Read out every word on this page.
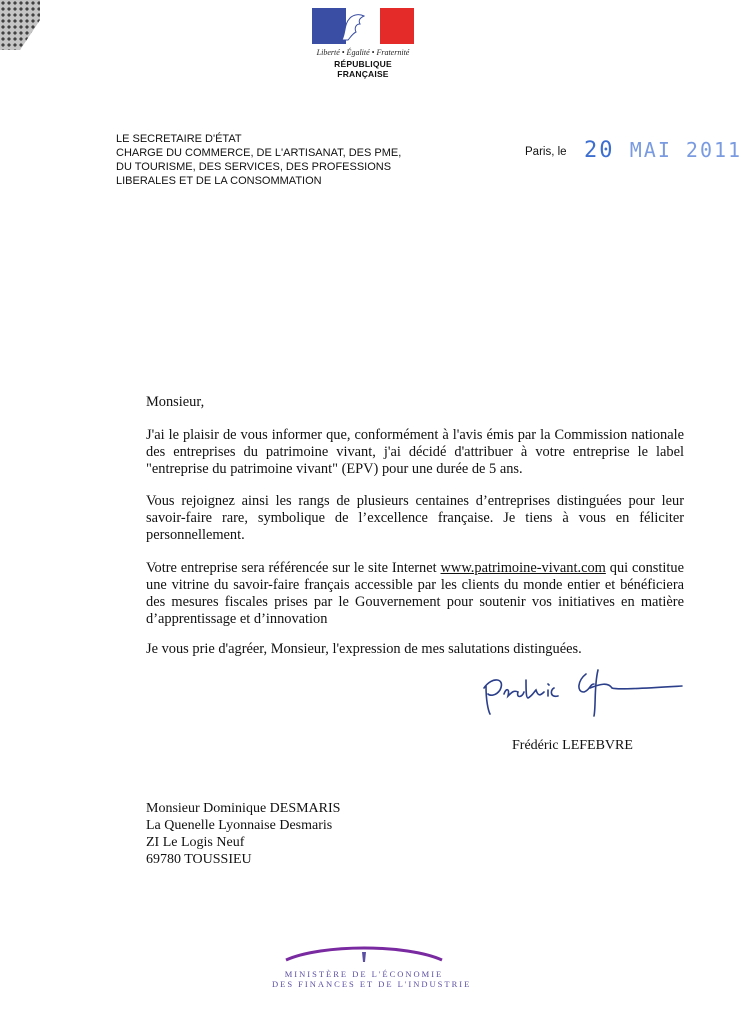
Liberté • Égalité • Fraternité
RÉPUBLIQUE FRANÇAISE
LE SECRETAIRE D'ÉTAT
CHARGE DU COMMERCE, DE L'ARTISANAT, DES PME,
DU TOURISME, DES SERVICES, DES PROFESSIONS
LIBERALES ET DE LA CONSOMMATION
Paris, le 20 MAI 2011

Monsieur,

J'ai le plaisir de vous informer que, conformément à l'avis émis par la Commission nationale des entreprises du patrimoine vivant, j'ai décidé d'attribuer à votre entreprise le label "entreprise du patrimoine vivant" (EPV) pour une durée de 5 ans.

Vous rejoignez ainsi les rangs de plusieurs centaines d’entreprises distinguées pour leur savoir-faire rare, symbolique de l’excellence française. Je tiens à vous en féliciter personnellement.

Votre entreprise sera référencée sur le site Internet www.patrimoine-vivant.com qui constitue une vitrine du savoir-faire français accessible par les clients du monde entier et bénéficiera des mesures fiscales prises par le Gouvernement pour soutenir vos initiatives en matière d’apprentissage et d’innovation

Je vous prie d'agréer, Monsieur, l'expression de mes salutations distinguées.

Frédéric LEFEBVRE
Monsieur Dominique DESMARIS
La Quenelle Lyonnaise Desmaris
ZI Le Logis Neuf
69780 TOUSSIEU
MINISTÈRE DE L'ÉCONOMIE
DES FINANCES ET DE L'INDUSTRIE
